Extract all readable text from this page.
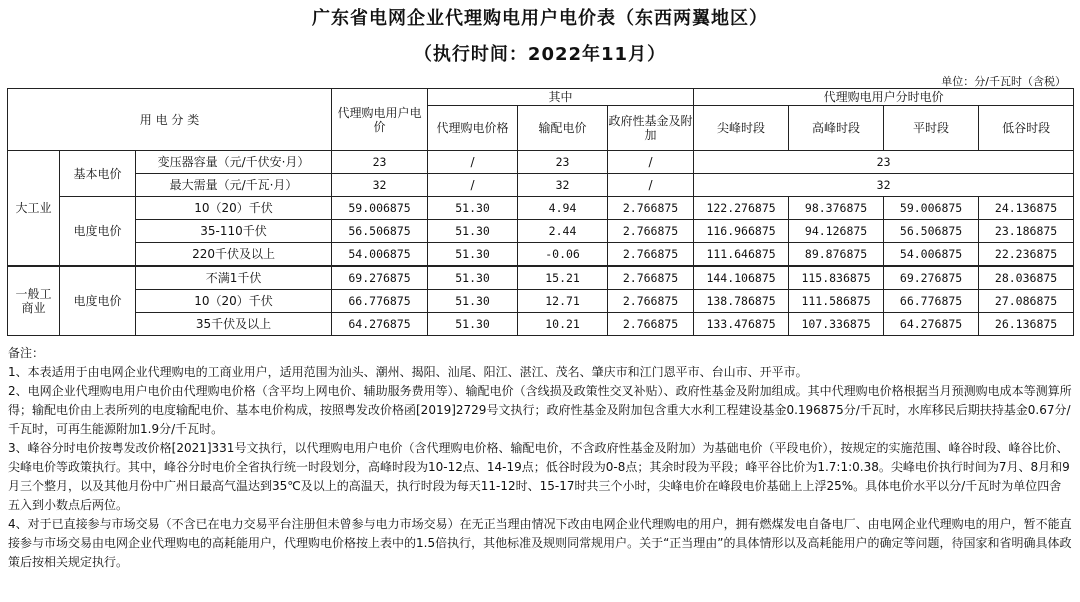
广东省电网企业代理购电用户电价表（东西两翼地区）
（执行时间：2022年11月）
单位：分/千瓦时（含税）
用 电 分 类			代理购电用户电价	其中			代理购电用户分时电价			
				代理购电价格	输配电价	政府性基金及附加	尖峰时段	高峰时段	平时段	低谷时段
大工业	基本电价	变压器容量（元/千伏安·月）	23	/	23	/	23			
		最大需量（元/千瓦·月）	32	/	32	/	32			
	电度电价	10（20）千伏	59.006875	51.30	4.94	2.766875	122.276875	98.376875	59.006875	24.136875
		35-110千伏	56.506875	51.30	2.44	2.766875	116.966875	94.126875	56.506875	23.186875
		220千伏及以上	54.006875	51.30	-0.06	2.766875	111.646875	89.876875	54.006875	22.236875
一般工
商业	电度电价	不满1千伏	69.276875	51.30	15.21	2.766875	144.106875	115.836875	69.276875	28.036875
		10（20）千伏	66.776875	51.30	12.71	2.766875	138.786875	111.586875	66.776875	27.086875
		35千伏及以上	64.276875	51.30	10.21	2.766875	133.476875	107.336875	64.276875	26.136875

备注：

1、本表适用于由电网企业代理购电的工商业用户，适用范围为汕头、潮州、揭阳、汕尾、阳江、湛江、茂名、肇庆市和江门恩平市、台山市、开平市。

2、电网企业代理购电用户电价由代理购电价格（含平均上网电价、辅助服务费用等）、输配电价（含线损及政策性交叉补贴）、政府性基金及附加组成。其中代理购电价格根据当月预测购电成本等测算所得；输配电价由上表所列的电度输配电价、基本电价构成，按照粤发改价格函[2019]2729号文执行；政府性基金及附加包含重大水利工程建设基金0.196875分/千瓦时，水库移民后期扶持基金0.67分/千瓦时，可再生能源附加1.9分/千瓦时。

3、峰谷分时电价按粤发改价格[2021]331号文执行，以代理购电用户电价（含代理购电价格、输配电价，不含政府性基金及附加）为基础电价（平段电价），按规定的实施范围、峰谷时段、峰谷比价、尖峰电价等政策执行。其中，峰谷分时电价全省执行统一时段划分，高峰时段为10-12点、14-19点；低谷时段为0-8点；其余时段为平段；峰平谷比价为1.7:1:0.38。尖峰电价执行时间为7月、8月和9月三个整月，以及其他月份中广州日最高气温达到35℃及以上的高温天，执行时段为每天11-12时、15-17时共三个小时，尖峰电价在峰段电价基础上上浮25%。具体电价水平以分/千瓦时为单位四舍五入到小数点后两位。

4、对于已直接参与市场交易（不含已在电力交易平台注册但未曾参与电力市场交易）在无正当理由情况下改由电网企业代理购电的用户，拥有燃煤发电自备电厂、由电网企业代理购电的用户，暂不能直接参与市场交易由电网企业代理购电的高耗能用户，代理购电价格按上表中的1.5倍执行，其他标准及规则同常规用户。关于“正当理由”的具体情形以及高耗能用户的确定等问题，待国家和省明确具体政策后按相关规定执行。
